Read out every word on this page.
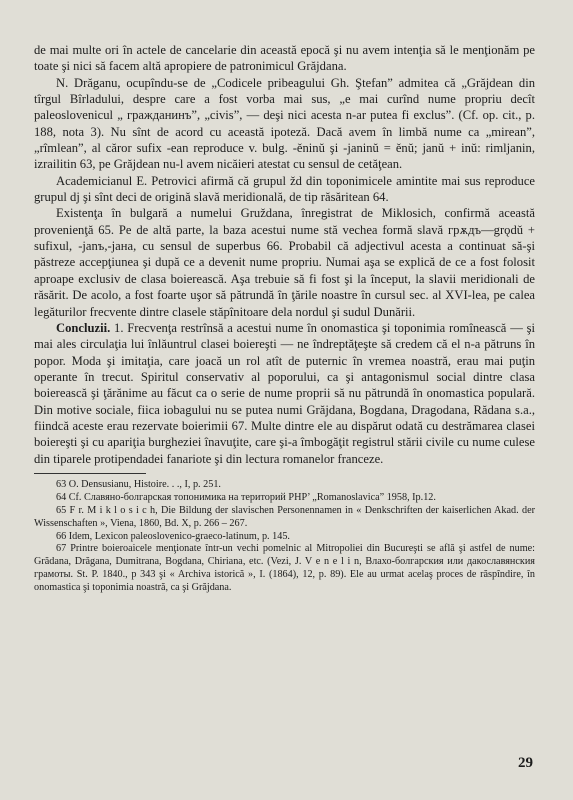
de mai multe ori în actele de cancelarie din această epocă şi nu avem intenţia să le menţionăm pe toate şi nici să facem altă apropiere de patronimicul Grăjdana.

N. Drăganu, ocupîndu-se de „Codicele pribeagului Gh. Ştefan” admitea că „Grăjdean din tîrgul Bîrladului, despre care a fost vorba mai sus, „e mai curînd nume propriu decît paleoslovenicul „ граждaнинъ”, „civis”, — deşi nici acesta n-ar putea fi exclus”. (Cf. op. cit., p. 188, nota 3). Nu sînt de acord cu această ipoteză. Dacă avem în limbă nume ca „mirean”, „rîmlean”, al căror sufix -ean reproduce v. bulg. -ěninŭ şi -janinŭ = ěnŭ; janŭ + inŭ: rimljanin, izrailitin 63, pe Grăjdean nu-l avem nicăieri atestat cu sensul de cetăţean.

Academicianul E. Petrovici afirmă că grupul žd din toponimicele amintite mai sus reproduce grupul dj şi sînt deci de origină slavă meridională, de tip răsăritean 64.

Existenţa în bulgară a numelui Gruždana, înregistrat de Miklosich, confirmă această provenienţă 65. Pe de altă parte, la baza acestui nume stă vechea formă slavă грѫдъ—grǫdǔ + sufixul, -janъ,-jaнa, cu sensul de superbus 66. Probabil că adjectivul acesta a continuat să-şi păstreze accepţiunea şi după ce a devenit nume propriu. Numai aşa se explică de ce a fost folosit aproape exclusiv de clasa boierească. Aşa trebuie să fi fost şi la început, la slavii meridionali de răsărit. De acolo, a fost foarte uşor să pătrundă în ţările noastre în cursul sec. al XVI-lea, pe calea legăturilor frecvente dintre clasele stăpînitoare dela nordul şi sudul Dunării.

Concluzii. 1. Frecvenţa restrînsă a acestui nume în onomastica şi toponimia romînească — şi mai ales circulaţia lui înlăuntrul clasei boiereşti — ne îndreptăţeşte să credem că el n-a pătruns în popor. Moda şi imitaţia, care joacă un rol atît de puternic în vremea noastră, erau mai puţin operante în trecut. Spiritul conservativ al poporului, ca şi antagonismul social dintre clasa boierească şi ţărănime au făcut ca o serie de nume proprii să nu pătrundă în onomastica populară. Din motive sociale, fiica iobagului nu se putea numi Grăjdana, Bogdana, Dragodana, Rădana s.a., fiindcă aceste erau rezervate boierimii 67. Multe dintre ele au dispărut odată cu destrămarea clasei boiereşti şi cu apariţia burgheziei înavuţite, care şi-a îmbogăţit registrul stării civile cu nume culese din tiparele protipendadei fanariote şi din lectura romanelor franceze.

63 O. Densusianu, Histoire. . ., I, p. 251.

64 Cf. Славяно-болгарская топонимика на територий PHP’ „Romanoslavica” 1958, Ip.12.

65 F r. M i k l o s i c h, Die Bildung der slavischen Personennamen in « Denkschriften der kaiserlichen Akad. der Wissenschaften », Viena, 1860, Bd. X, p. 266 – 267.

66 Idem, Lexicon paleoslovenico-graeco-latinum, p. 145.

67 Printre boieroaicele menţionate într-un vechi pomelnic al Mitropoliei din Bucureşti se află şi astfel de nume: Grădana, Drăgana, Dumitrana, Bogdana, Chiriana, etc. (Vezi, J. V e n e l i n, Влахо-болгарския или дакославянския грамоты. St. P. 1840., p 343 şi « Archiva istorică », I. (1864), 12, p. 89). Ele au urmat acelaş proces de răspîndire, în onomastica şi toponimia noastră, ca şi Grăjdana.

29
